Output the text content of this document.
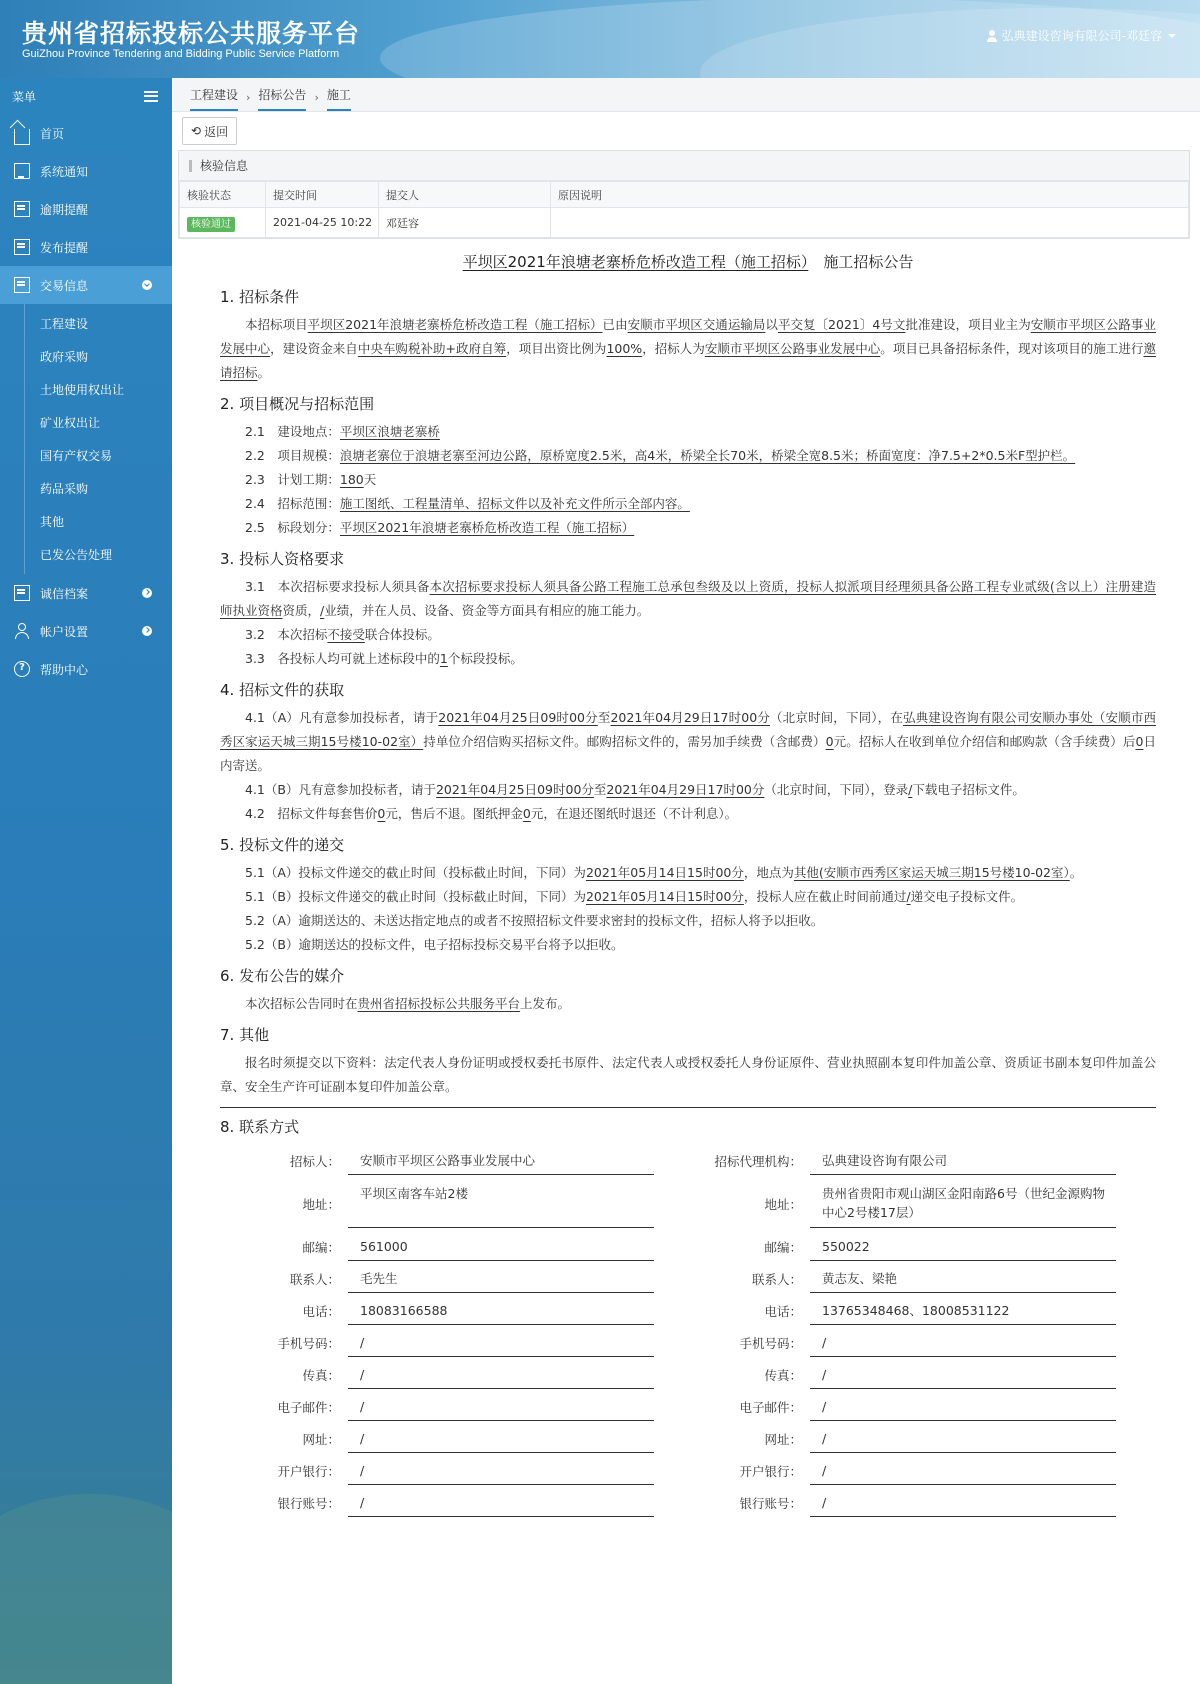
贵州省招标投标公共服务平台
GuiZhou Province Tendering and Bidding Public Service Platform
弘典建设咨询有限公司-邓廷容
菜单
首页
系统通知
逾期提醒
发布提醒
交易信息
工程建设
政府采购
土地使用权出让
矿业权出让
国有产权交易
药品采购
其他
已发公告处理
诚信档案
帐户设置
?	帮助中心
工程建设 › 招标公告 › 施工
⟲ 返回
核验信息
核验状态	提交时间	提交人	原因说明
核验通过	2021-04-25 10:22	邓廷容	
平坝区2021年浪塘老寨桥危桥改造工程（施工招标）　 施工招标公告
1. 招标条件
本招标项目平坝区2021年浪塘老寨桥危桥改造工程（施工招标）已由安顺市平坝区交通运输局以平交复〔2021〕4号文批准建设，项目业主为安顺市平坝区公路事业发展中心，建设资金来自中央车购税补助+政府自筹，项目出资比例为100%，招标人为安顺市平坝区公路事业发展中心。项目已具备招标条件，现对该项目的施工进行邀请招标。
2. 项目概况与招标范围
2.1　建设地点：平坝区浪塘老寨桥
2.2　项目规模：浪塘老寨位于浪塘老寨至河边公路，原桥宽度2.5米，高4米，桥梁全长70米，桥梁全宽8.5米；桥面宽度：净7.5+2*0.5米F型护栏。
2.3　计划工期：180天
2.4　招标范围：施工图纸、工程量清单、招标文件以及补充文件所示全部内容。
2.5　标段划分：平坝区2021年浪塘老寨桥危桥改造工程（施工招标）
3. 投标人资格要求
3.1　本次招标要求投标人须具备本次招标要求投标人须具备公路工程施工总承包叁级及以上资质，投标人拟派项目经理须具备公路工程专业贰级(含以上）注册建造师执业资格资质，/业绩，并在人员、设备、资金等方面具有相应的施工能力。
3.2　本次招标不接受联合体投标。
3.3　各投标人均可就上述标段中的1个标段投标。
4. 招标文件的获取
4.1（A）凡有意参加投标者，请于2021年04月25日09时00分至2021年04月29日17时00分（北京时间，下同），在弘典建设咨询有限公司安顺办事处（安顺市西秀区家运天城三期15号楼10-02室）持单位介绍信购买招标文件。邮购招标文件的，需另加手续费（含邮费）0元。招标人在收到单位介绍信和邮购款（含手续费）后0日内寄送。
4.1（B）凡有意参加投标者，请于2021年04月25日09时00分至2021年04月29日17时00分（北京时间，下同），登录/下载电子招标文件。
4.2　招标文件每套售价0元，售后不退。图纸押金0元，在退还图纸时退还（不计利息）。
5. 投标文件的递交
5.1（A）投标文件递交的截止时间（投标截止时间，下同）为2021年05月14日15时00分，地点为其他(安顺市西秀区家运天城三期15号楼10-02室）。
5.1（B）投标文件递交的截止时间（投标截止时间，下同）为2021年05月14日15时00分，投标人应在截止时间前通过/递交电子投标文件。
5.2（A）逾期送达的、未送达指定地点的或者不按照招标文件要求密封的投标文件，招标人将予以拒收。
5.2（B）逾期送达的投标文件，电子招标投标交易平台将予以拒收。
6. 发布公告的媒介
本次招标公告同时在贵州省招标投标公共服务平台上发布。
7. 其他
报名时须提交以下资料：法定代表人身份证明或授权委托书原件、法定代表人或授权委托人身份证原件、营业执照副本复印件加盖公章、资质证书副本复印件加盖公章、安全生产许可证副本复印件加盖公章。
8. 联系方式
招标人：	安顺市平坝区公路事业发展中心
地址：
平坝区南客车站2楼
邮编：	561000
联系人：	毛先生
电话：	18083166588
手机号码：	/
传真：	/
电子邮件：	/
网址：	/
开户银行：	/
银行账号：	/
招标代理机构：	弘典建设咨询有限公司
地址：
贵州省贵阳市观山湖区金阳南路6号（世纪金源购物中心2号楼17层）
邮编：	550022
联系人：	黄志友、梁艳
电话：	13765348468、18008531122
手机号码：	/
传真：	/
电子邮件：	/
网址：	/
开户银行：	/
银行账号：	/
